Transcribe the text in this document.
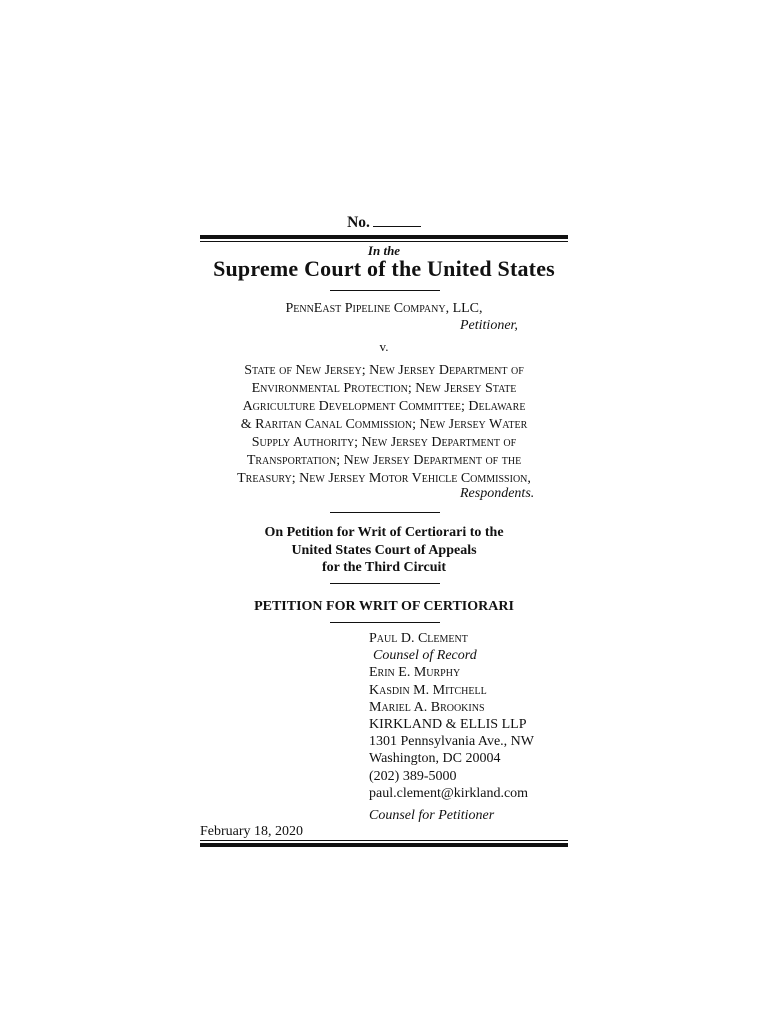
No.
In the
Supreme Court of the United States
PennEast Pipeline Company, LLC,
Petitioner,
v.
State of New Jersey; New Jersey Department of
Environmental Protection; New Jersey State
Agriculture Development Committee; Delaware
& Raritan Canal Commission; New Jersey Water
Supply Authority; New Jersey Department of
Transportation; New Jersey Department of the
Treasury; New Jersey Motor Vehicle Commission,
Respondents.
On Petition for Writ of Certiorari to the
United States Court of Appeals
for the Third Circuit
PETITION FOR WRIT OF CERTIORARI
Paul D. Clement
Counsel of Record
Erin E. Murphy
Kasdin M. Mitchell
Mariel A. Brookins
KIRKLAND & ELLIS LLP
1301 Pennsylvania Ave., NW
Washington, DC 20004
(202) 389-5000
paul.clement@kirkland.com
Counsel for Petitioner
February 18, 2020
